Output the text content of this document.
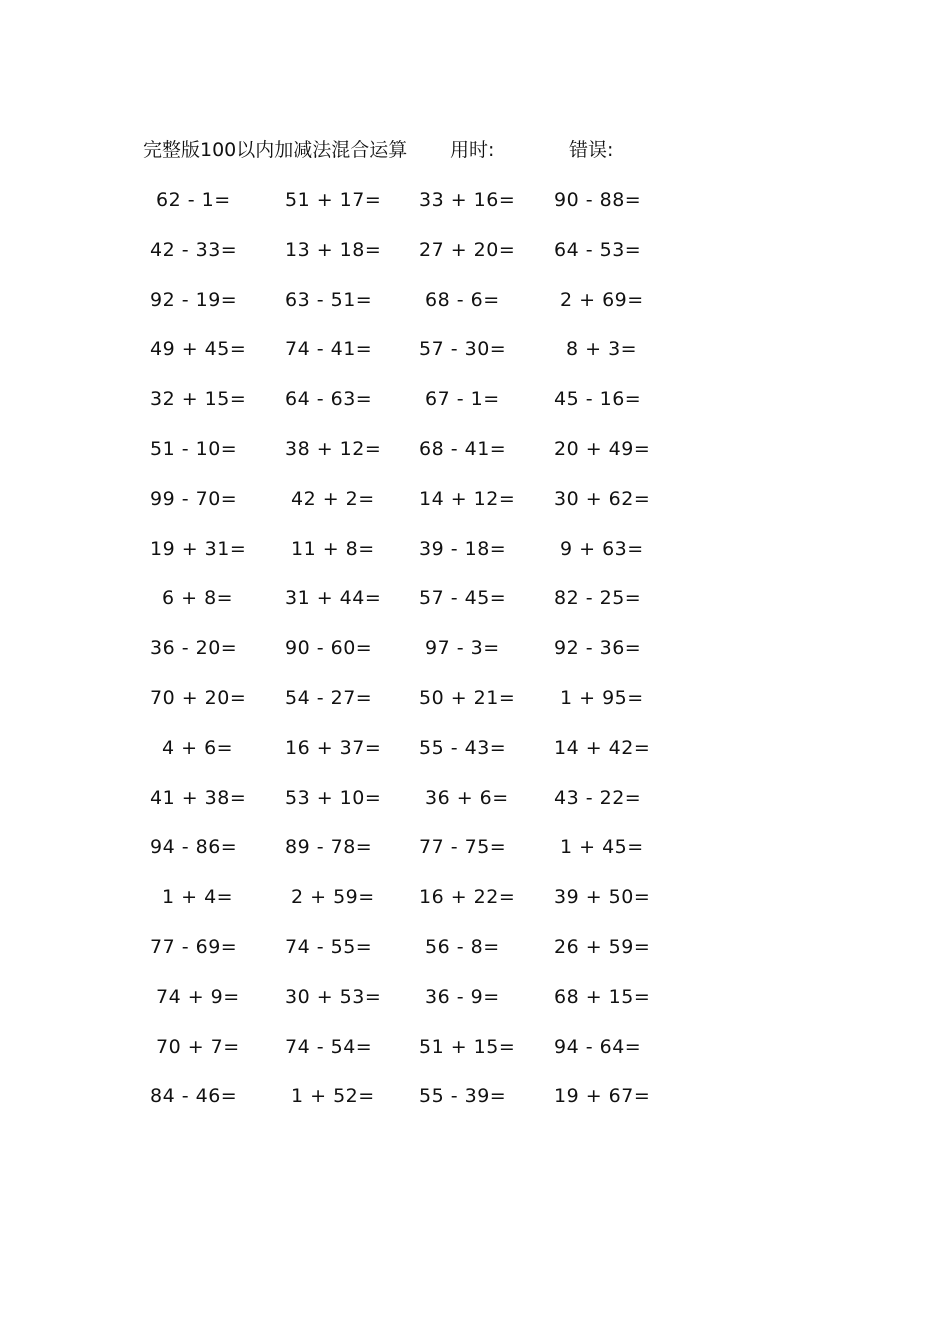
完整版100以内加减法混合运算 用时:	错误:
62 - 1=	51 + 17= 33 + 16= 90 - 88=
42 - 33=	13 + 18= 27 + 20= 64 - 53=
92 - 19=	63 - 51=	68 - 6=	2 + 69=
49 + 45= 74 - 41= 57 - 30=	8 + 3=
32 + 15= 64 - 63=	67 - 1=	45 - 16=
51 - 10=	38 + 12= 68 - 41=	20 + 49=
99 - 70=	42 + 2= 14 + 12= 30 + 62=
19 + 31= 11 + 8= 39 - 18=	9 + 63=
6 + 8=	31 + 44= 57 - 45=	82 - 25=
36 - 20=	90 - 60=	97 - 3=	92 - 36=
70 + 20= 54 - 27= 50 + 21= 1 + 95=
4 + 6=	16 + 37= 55 - 43=	14 + 42=
41 + 38= 53 + 10= 36 + 6= 43 - 22=
94 - 86=	89 - 78= 77 - 75=	1 + 45=
1 + 4=	2 + 59= 16 + 22= 39 + 50=
77 - 69=	74 - 55=	56 - 8=	26 + 59=
74 + 9= 30 + 53= 36 - 9=	68 + 15=
70 + 7= 74 - 54= 51 + 15= 94 - 64=
84 - 46=	1 + 52= 55 - 39=	19 + 67=
